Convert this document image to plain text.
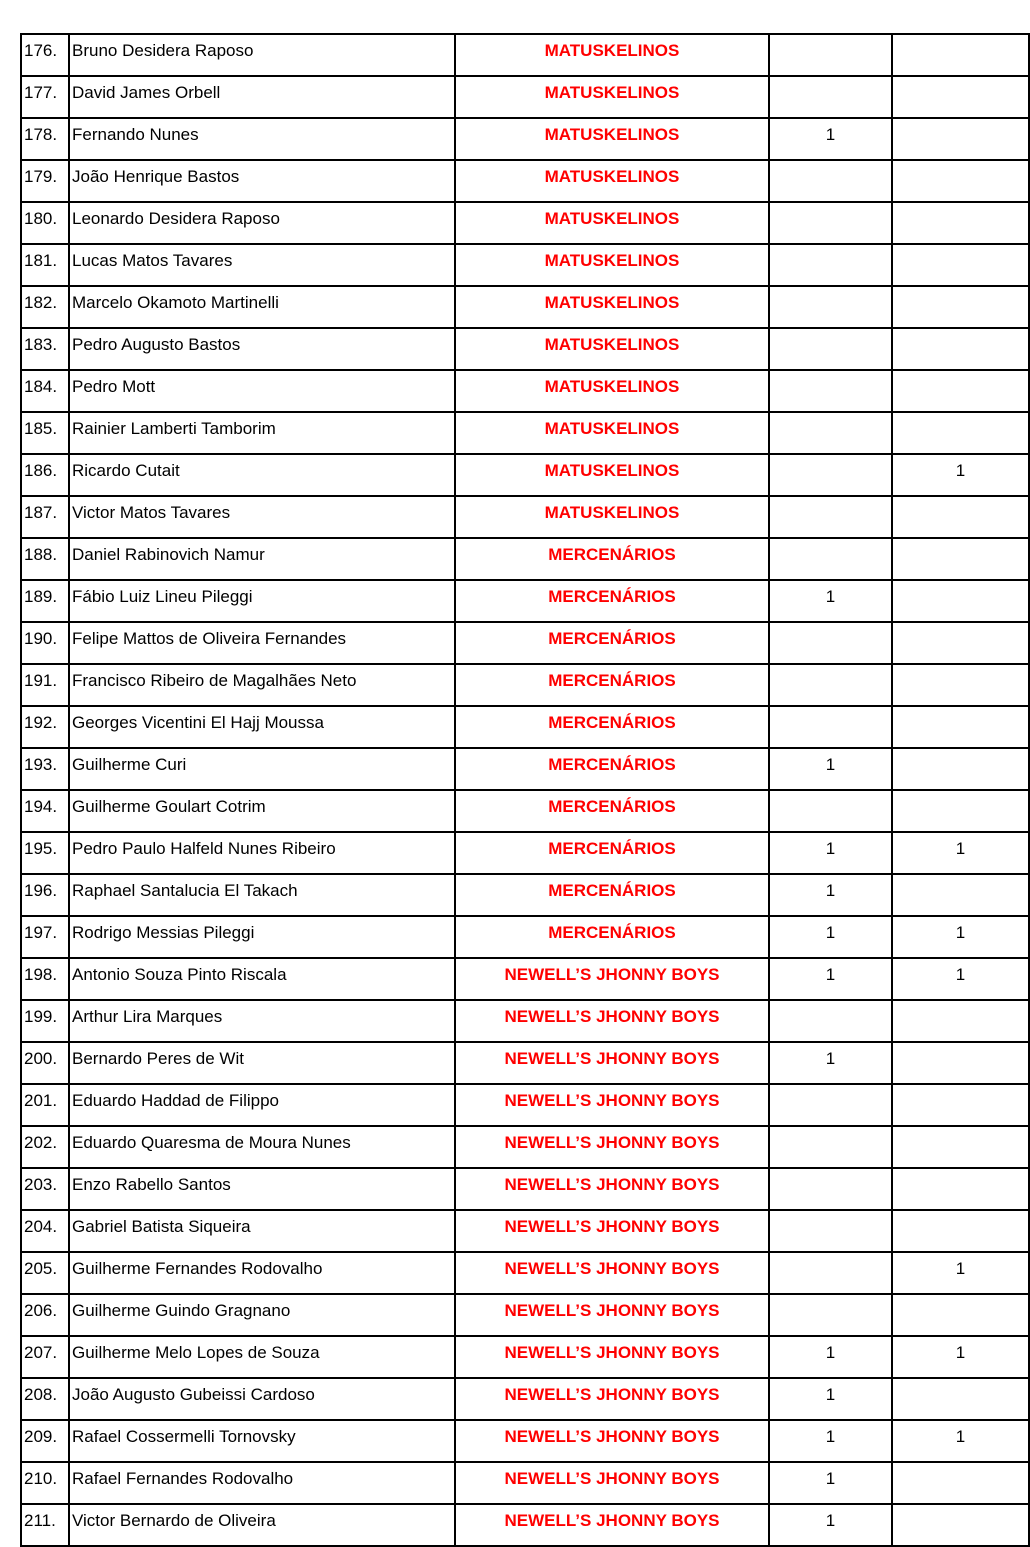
176.	Bruno Desidera Raposo	MATUSKELINOS		
177.	David James Orbell	MATUSKELINOS		
178.	Fernando Nunes	MATUSKELINOS	1	
179.	João Henrique Bastos	MATUSKELINOS		
180.	Leonardo Desidera Raposo	MATUSKELINOS		
181.	Lucas Matos Tavares	MATUSKELINOS		
182.	Marcelo Okamoto Martinelli	MATUSKELINOS		
183.	Pedro Augusto Bastos	MATUSKELINOS		
184.	Pedro Mott	MATUSKELINOS		
185.	Rainier Lamberti Tamborim	MATUSKELINOS		
186.	Ricardo Cutait	MATUSKELINOS		1
187.	Victor Matos Tavares	MATUSKELINOS		
188.	Daniel Rabinovich Namur	MERCENÁRIOS		
189.	Fábio Luiz Lineu Pileggi	MERCENÁRIOS	1	
190.	Felipe Mattos de Oliveira Fernandes	MERCENÁRIOS		
191.	Francisco Ribeiro de Magalhães Neto	MERCENÁRIOS		
192.	Georges Vicentini El Hajj Moussa	MERCENÁRIOS		
193.	Guilherme Curi	MERCENÁRIOS	1	
194.	Guilherme Goulart Cotrim	MERCENÁRIOS		
195.	Pedro Paulo Halfeld Nunes Ribeiro	MERCENÁRIOS	1	1
196.	Raphael Santalucia El Takach	MERCENÁRIOS	1	
197.	Rodrigo Messias Pileggi	MERCENÁRIOS	1	1
198.	Antonio Souza Pinto Riscala	NEWELL’S JHONNY BOYS	1	1
199.	Arthur Lira Marques	NEWELL’S JHONNY BOYS		
200.	Bernardo Peres de Wit	NEWELL’S JHONNY BOYS	1	
201.	Eduardo Haddad de Filippo	NEWELL’S JHONNY BOYS		
202.	Eduardo Quaresma de Moura Nunes	NEWELL’S JHONNY BOYS		
203.	Enzo Rabello Santos	NEWELL’S JHONNY BOYS		
204.	Gabriel Batista Siqueira	NEWELL’S JHONNY BOYS		
205.	Guilherme Fernandes Rodovalho	NEWELL’S JHONNY BOYS		1
206.	Guilherme Guindo Gragnano	NEWELL’S JHONNY BOYS		
207.	Guilherme Melo Lopes de Souza	NEWELL’S JHONNY BOYS	1	1
208.	João Augusto Gubeissi Cardoso	NEWELL’S JHONNY BOYS	1	
209.	Rafael Cossermelli Tornovsky	NEWELL’S JHONNY BOYS	1	1
210.	Rafael Fernandes Rodovalho	NEWELL’S JHONNY BOYS	1	
211.	Victor Bernardo de Oliveira	NEWELL’S JHONNY BOYS	1	
